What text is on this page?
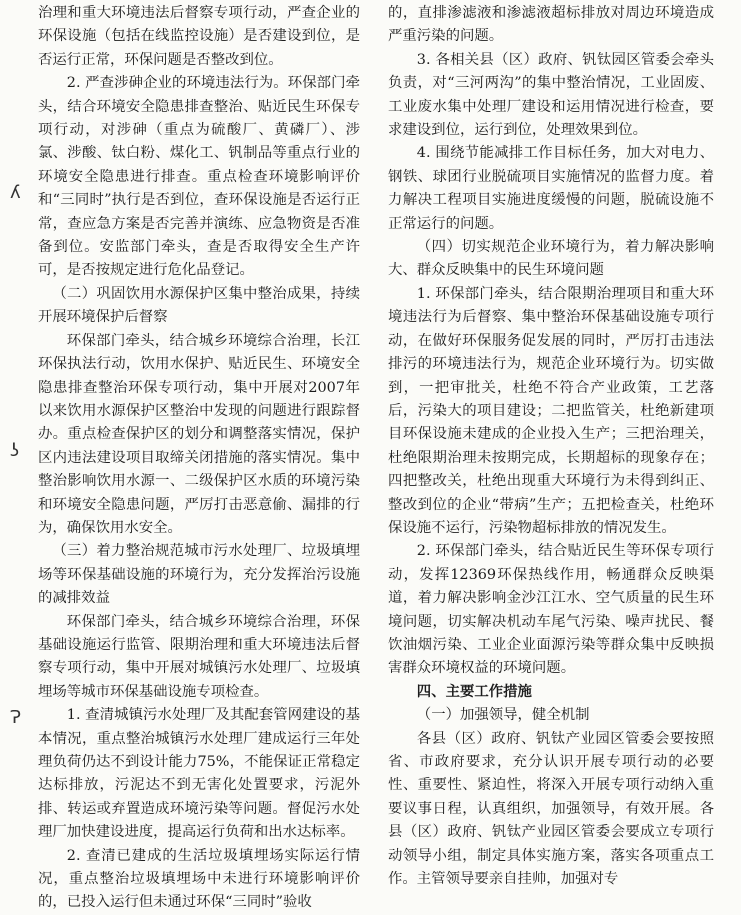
治理和重大环境违法后督察专项行动，严查企业的环保设施（包括在线监控设施）是否建设到位，是否运行正常，环保问题是否整改到位。

2. 严查涉砷企业的环境违法行为。环保部门牵头，结合环境安全隐患排查整治、贴近民生环保专项行动，对涉砷（重点为硫酸厂、黄磷厂）、涉氯、涉酸、钛白粉、煤化工、钒制品等重点行业的环境安全隐患进行排查。重点检查环境影响评价和“三同时”执行是否到位，查环保设施是否运行正常，查应急方案是否完善并演练、应急物资是否准备到位。安监部门牵头，查是否取得安全生产许可，是否按规定进行危化品登记。

（二）巩固饮用水源保护区集中整治成果，持续开展环境保护后督察

环保部门牵头，结合城乡环境综合治理，长江环保执法行动，饮用水保护、贴近民生、环境安全隐患排查整治环保专项行动，集中开展对2007年以来饮用水源保护区整治中发现的问题进行跟踪督办。重点检查保护区的划分和调整落实情况，保护区内违法建设项目取缔关闭措施的落实情况。集中整治影响饮用水源一、二级保护区水质的环境污染和环境安全隐患问题，严厉打击恶意偷、漏排的行为，确保饮用水安全。

（三）着力整治规范城市污水处理厂、垃圾填埋场等环保基础设施的环境行为，充分发挥治污设施的减排效益

环保部门牵头，结合城乡环境综合治理，环保基础设施运行监管、限期治理和重大环境违法后督察专项行动，集中开展对城镇污水处理厂、垃圾填埋场等城市环保基础设施专项检查。

1. 查清城镇污水处理厂及其配套管网建设的基本情况，重点整治城镇污水处理厂建成运行三年处理负荷仍达不到设计能力75%，不能保证正常稳定达标排放，污泥达不到无害化处置要求，污泥外排、转运或弃置造成环境污染等问题。督促污水处理厂加快建设进度，提高运行负荷和出水达标率。

2. 查清已建成的生活垃圾填埋场实际运行情况，重点整治垃圾填埋场中未进行环境影响评价的，已投入运行但未通过环保“三同时”验收

的，直排渗滤液和渗滤液超标排放对周边环境造成严重污染的问题。

3. 各相关县（区）政府、钒钛园区管委会牵头负责，对“三河两沟”的集中整治情况，工业固废、工业废水集中处理厂建设和运用情况进行检查，要求建设到位，运行到位，处理效果到位。

4. 围绕节能减排工作目标任务，加大对电力、钢铁、球团行业脱硫项目实施情况的监督力度。着力解决工程项目实施进度缓慢的问题，脱硫设施不正常运行的问题。

（四）切实规范企业环境行为，着力解决影响大、群众反映集中的民生环境问题

1. 环保部门牵头，结合限期治理项目和重大环境违法行为后督察、集中整治环保基础设施专项行动，在做好环保服务促发展的同时，严厉打击违法排污的环境违法行为，规范企业环境行为。切实做到，一把审批关，杜绝不符合产业政策，工艺落后，污染大的项目建设；二把监管关，杜绝新建项目环保设施未建成的企业投入生产；三把治理关，杜绝限期治理未按期完成，长期超标的现象存在；四把整改关，杜绝出现重大环境行为未得到纠正、整改到位的企业“带病”生产；五把检查关，杜绝环保设施不运行，污染物超标排放的情况发生。

2. 环保部门牵头，结合贴近民生等环保专项行动，发挥12369环保热线作用，畅通群众反映渠道，着力解决影响金沙江江水、空气质量的民生环境问题，切实解决机动车尾气污染、噪声扰民、餐饮油烟污染、工业企业面源污染等群众集中反映损害群众环境权益的环境问题。

四、主要工作措施

（一）加强领导，健全机制

各县（区）政府、钒钛产业园区管委会要按照省、市政府要求，充分认识开展专项行动的必要性、重要性、紧迫性，将深入开展专项行动纳入重要议事日程，认真组织，加强领导，有效开展。各县（区）政府、钒钛产业园区管委会要成立专项行动领导小组，制定具体实施方案，落实各项重点工作。主管领导要亲自挂帅，加强对专

ʎ
ʖ
Ɂ
